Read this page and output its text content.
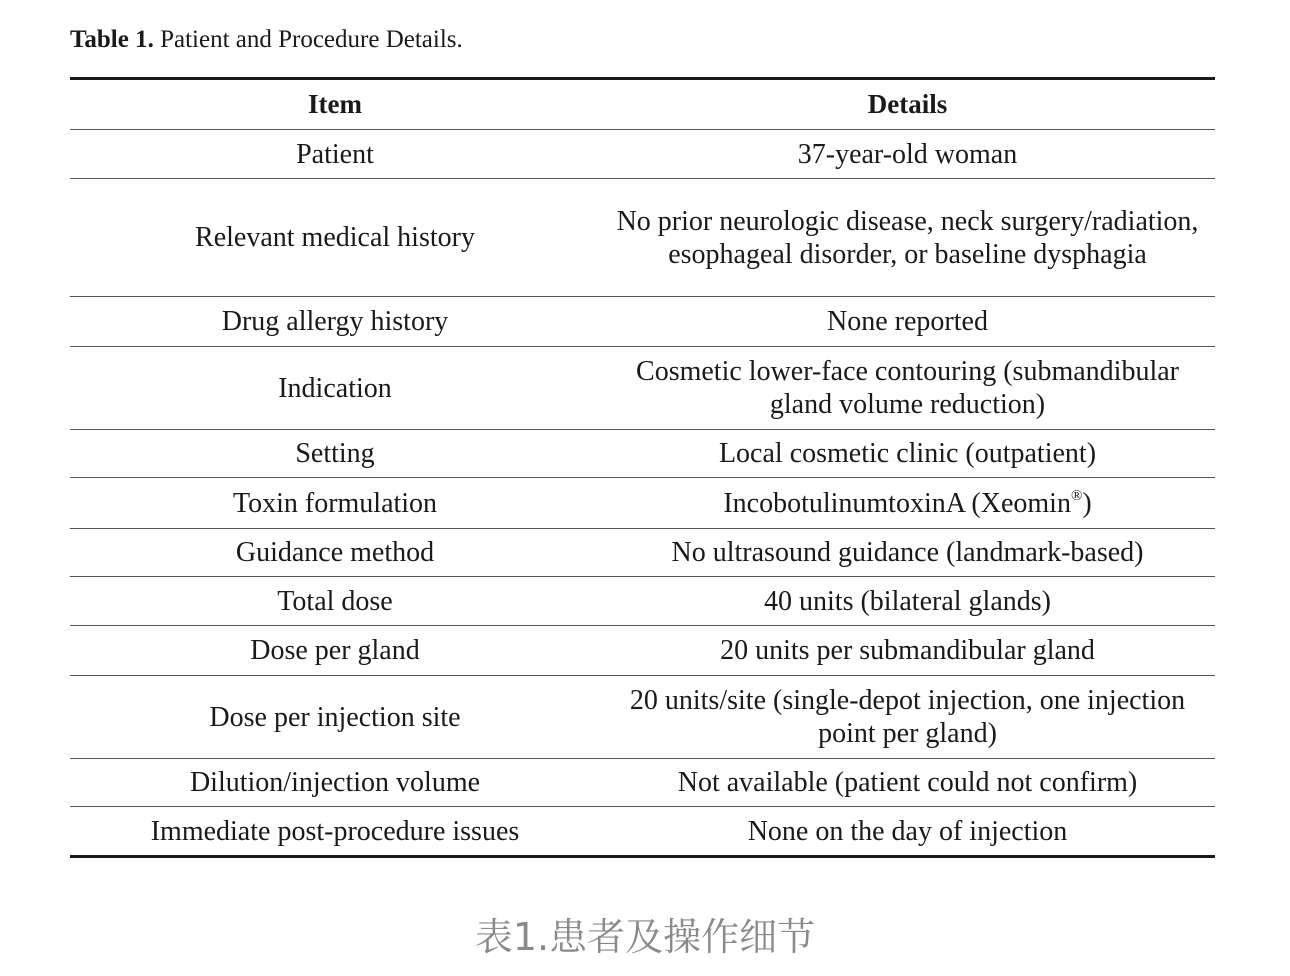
Table 1. Patient and Procedure Details.
Item	Details
Patient	37-year-old woman
Relevant medical history	No prior neurologic disease, neck surgery/radiation, esophageal disorder, or baseline dysphagia
Drug allergy history	None reported
Indication	Cosmetic lower-face contouring (submandibular gland volume reduction)
Setting	Local cosmetic clinic (outpatient)
Toxin formulation	IncobotulinumtoxinA (Xeomin®)
Guidance method	No ultrasound guidance (landmark-based)
Total dose	40 units (bilateral glands)
Dose per gland	20 units per submandibular gland
Dose per injection site	20 units/site (single-depot injection, one injection point per gland)
Dilution/injection volume	Not available (patient could not confirm)
Immediate post-procedure issues	None on the day of injection
表1.患者及操作细节
